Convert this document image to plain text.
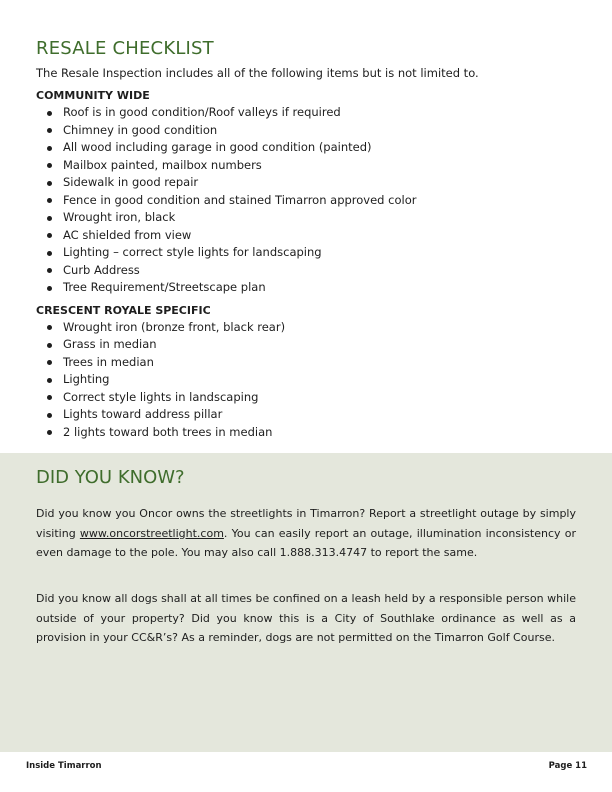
RESALE CHECKLIST

The Resale Inspection includes all of the following items but is not limited to.

COMMUNITY WIDE
Roof is in good condition/Roof valleys if required
Chimney in good condition
All wood including garage in good condition (painted)
Mailbox painted, mailbox numbers
Sidewalk in good repair
Fence in good condition and stained Timarron approved color
Wrought iron, black
AC shielded from view
Lighting – correct style lights for landscaping
Curb Address
Tree Requirement/Streetscape plan
CRESCENT ROYALE SPECIFIC
Wrought iron (bronze front, black rear)
Grass in median
Trees in median
Lighting
Correct style lights in landscaping
Lights toward address pillar
2 lights toward both trees in median
DID YOU KNOW?

Did you know you Oncor owns the streetlights in Timarron? Report a streetlight outage by simply visiting www.oncorstreetlight.com. You can easily report an outage, illumination inconsistency or even damage to the pole. You may also call 1.888.313.4747 to report the same.

Did you know all dogs shall at all times be confined on a leash held by a responsible person while outside of your property? Did you know this is a City of Southlake ordinance as well as a provision in your CC&R’s? As a reminder, dogs are not permitted on the Timarron Golf Course.

Inside Timarron	Page 11
